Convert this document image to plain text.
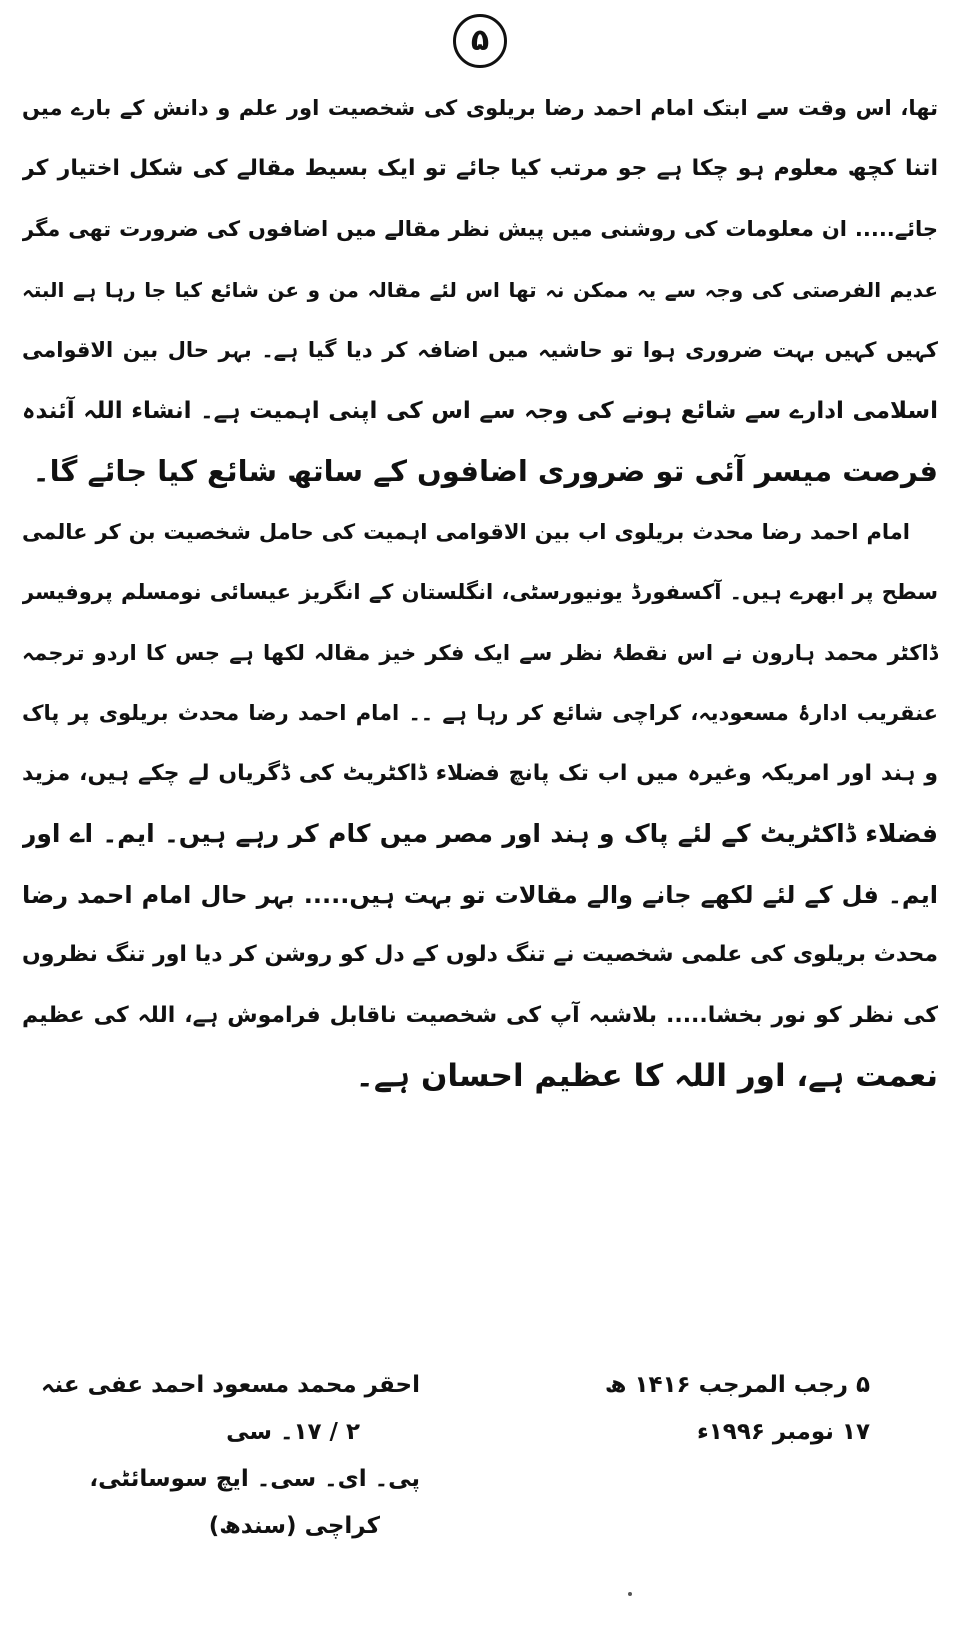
۵
تھا، اس وقت سے ابتک امام احمد رضا بریلوی کی شخصیت اور علم و دانش کے بارے میں
اتنا کچھ معلوم ہو چکا ہے جو مرتب کیا جائے تو ایک بسیط مقالے کی شکل اختیار کر
جائے..... ان معلومات کی روشنی میں پیش نظر مقالے میں اضافوں کی ضرورت تھی مگر
عدیم الفرصتی کی وجہ سے یہ ممکن نہ تھا اس لئے مقالہ من و عن شائع کیا جا رہا ہے البتہ
کہیں کہیں بہت ضروری ہوا تو حاشیہ میں اضافہ کر دیا گیا ہے۔ بہر حال بین الاقوامی
اسلامی ادارے سے شائع ہونے کی وجہ سے اس کی اپنی اہمیت ہے۔ انشاء اللہ آئندہ
فرصت میسر آئی تو ضروری اضافوں کے ساتھ شائع کیا جائے گا۔
امام احمد رضا محدث بریلوی اب بین الاقوامی اہمیت کی حامل شخصیت بن کر عالمی
سطح پر ابھرے ہیں۔ آکسفورڈ یونیورسٹی، انگلستان کے انگریز عیسائی نومسلم پروفیسر
ڈاکٹر محمد ہارون نے اس نقطۂ نظر سے ایک فکر خیز مقالہ لکھا ہے جس کا اردو ترجمہ
عنقریب ادارۂ مسعودیہ، کراچی شائع کر رہا ہے ۔۔ امام احمد رضا محدث بریلوی پر پاک
و ہند اور امریکہ وغیرہ میں اب تک پانچ فضلاء ڈاکٹریٹ کی ڈگریاں لے چکے ہیں، مزید
فضلاء ڈاکٹریٹ کے لئے پاک و ہند اور مصر میں کام کر رہے ہیں۔ ایم۔ اے اور
ایم۔ فل کے لئے لکھے جانے والے مقالات تو بہت ہیں..... بہر حال امام احمد رضا
محدث بریلوی کی علمی شخصیت نے تنگ دلوں کے دل کو روشن کر دیا اور تنگ نظروں
کی نظر کو نور بخشا..... بلاشبہ آپ کی شخصیت ناقابل فراموش ہے، اللہ کی عظیم
نعمت ہے، اور اللہ کا عظیم احسان ہے۔
۵ رجب المرجب ۱۴۱۶ ھ
۱۷ نومبر ۱۹۹۶ء
احقر محمد مسعود احمد عفی عنہ
۲ / ۱۷۔ سی
پی۔ ای۔ سی۔ ایچ سوسائٹی،
کراچی (سندھ)
